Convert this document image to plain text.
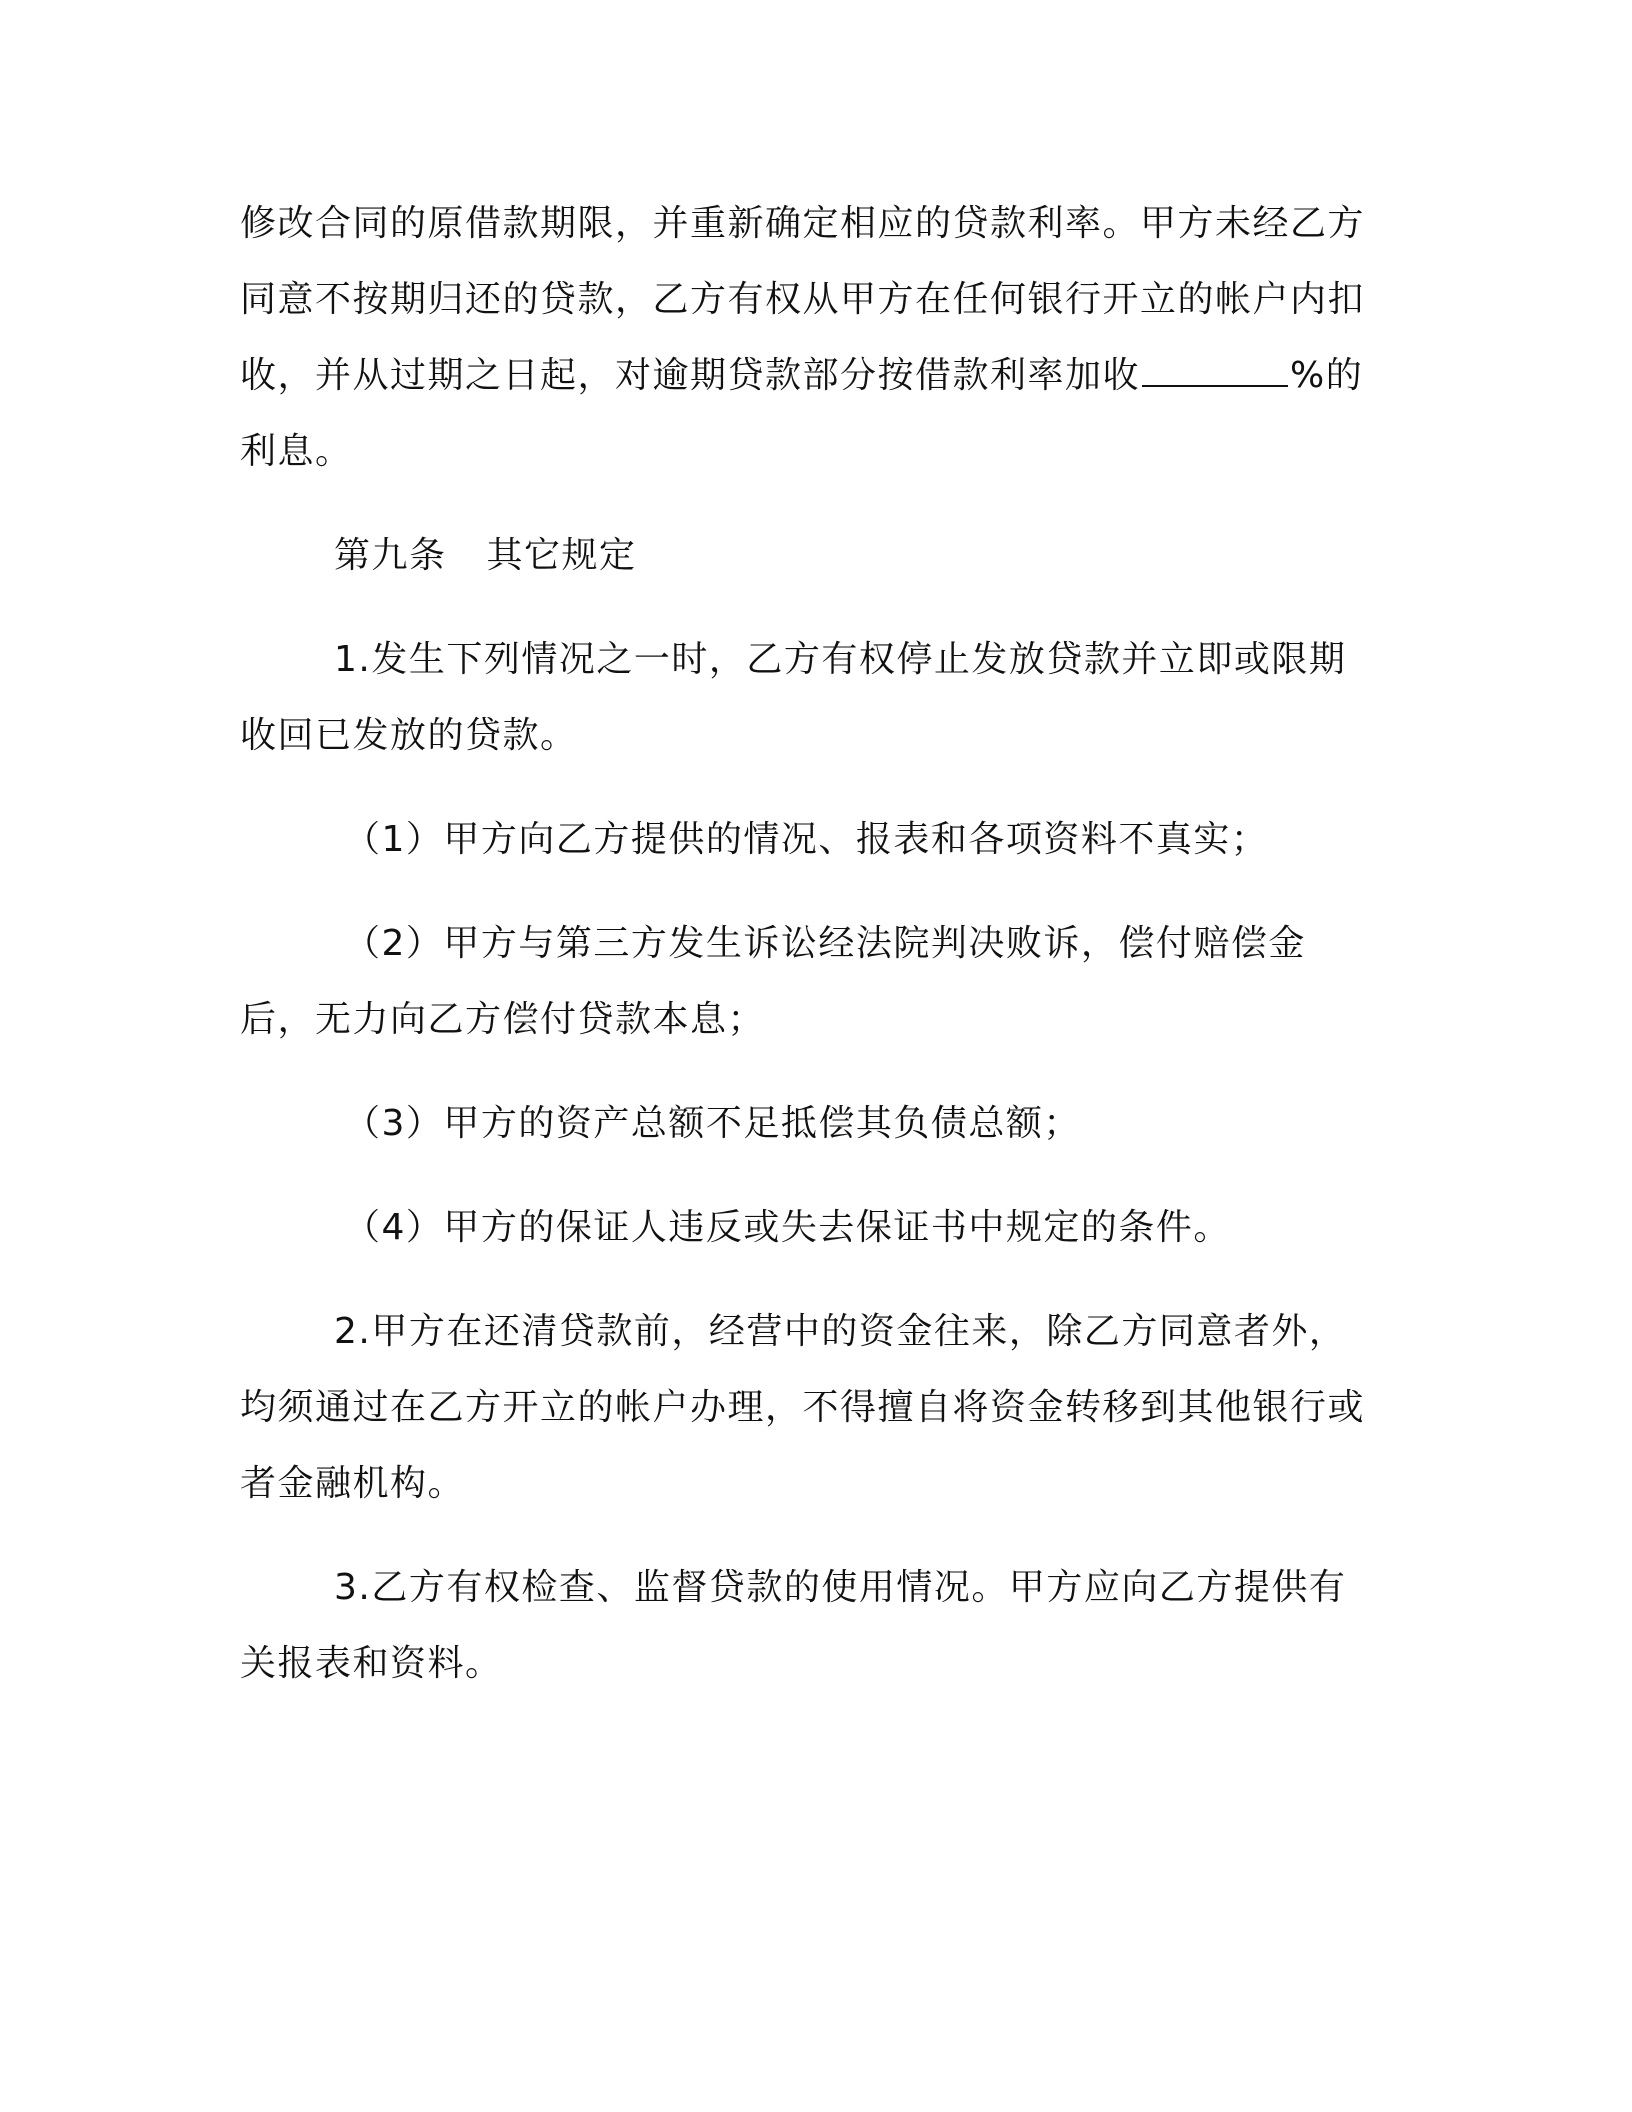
修改合同的原借款期限，并重新确定相应的贷款利率。甲方未经乙方同意不按期归还的贷款，乙方有权从甲方在任何银行开立的帐户内扣收，并从过期之日起，对逾期贷款部分按借款利率加收	%的利息。

第九条 其它规定

1.发生下列情况之一时，乙方有权停止发放贷款并立即或限期收回已发放的贷款。

（1）甲方向乙方提供的情况、报表和各项资料不真实；

（2）甲方与第三方发生诉讼经法院判决败诉，偿付赔偿金后，无力向乙方偿付贷款本息；

（3）甲方的资产总额不足抵偿其负债总额；

（4）甲方的保证人违反或失去保证书中规定的条件。

2.甲方在还清贷款前，经营中的资金往来，除乙方同意者外，均须通过在乙方开立的帐户办理，不得擅自将资金转移到其他银行或者金融机构。

3.乙方有权检查、监督贷款的使用情况。甲方应向乙方提供有关报表和资料。
